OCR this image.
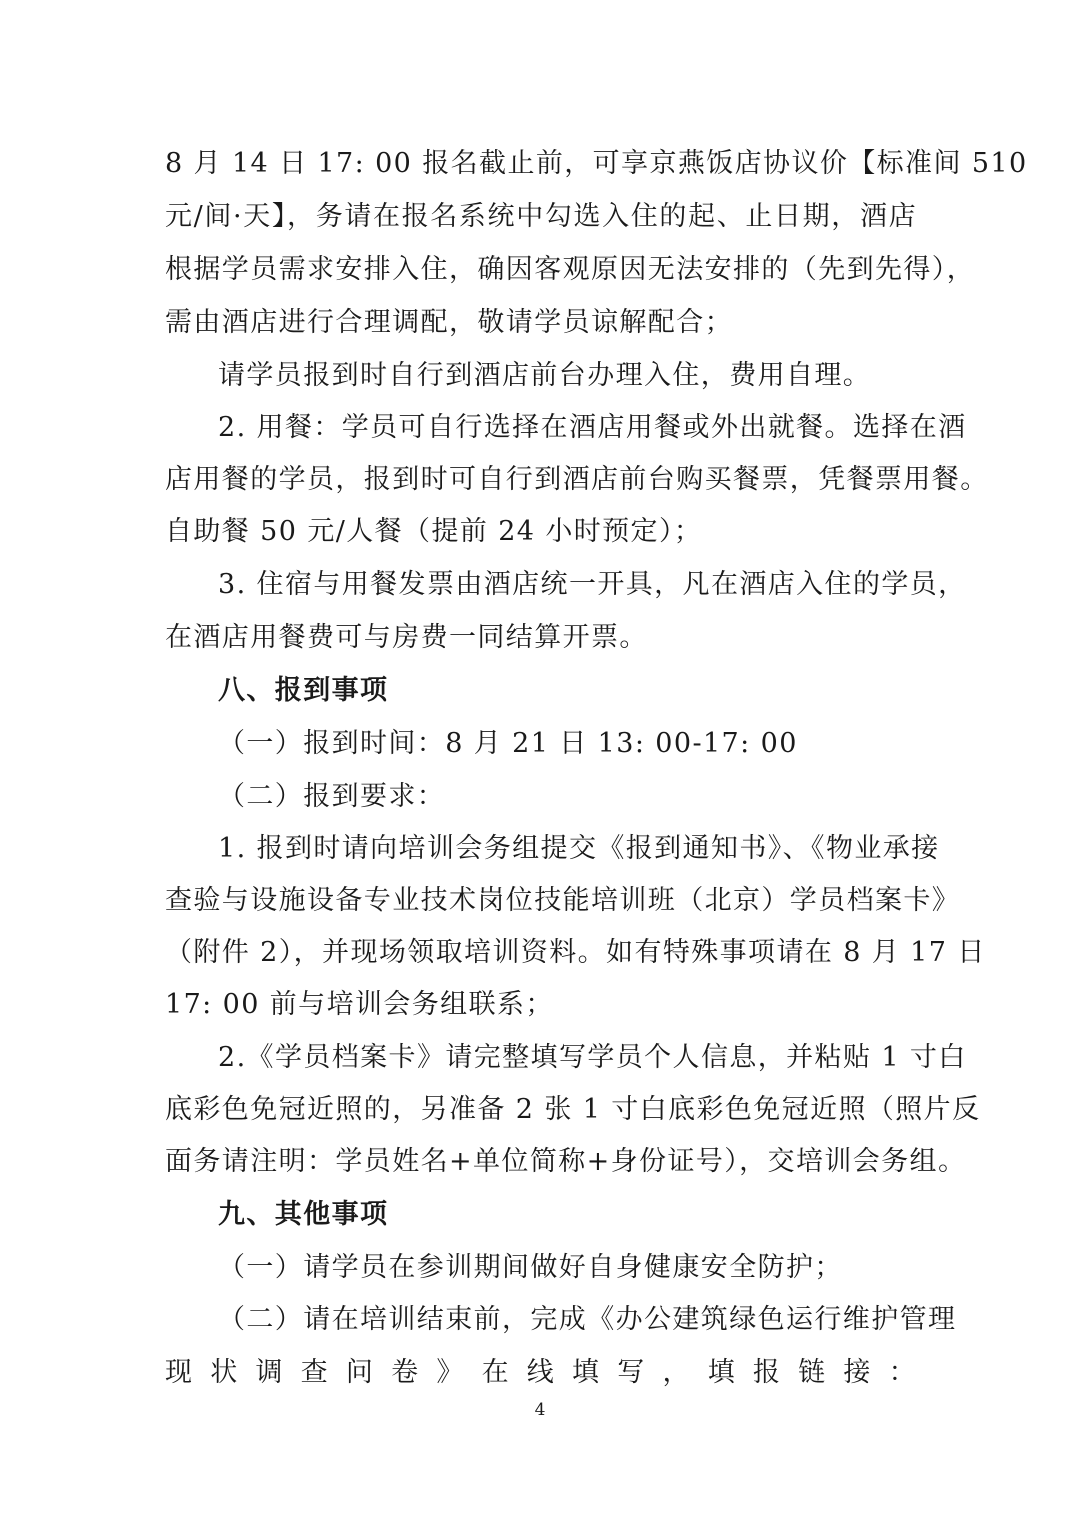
8 月 14 日 17: 00 报名截止前，可享京燕饭店协议价【标准间 510
元/间·天】，务请在报名系统中勾选入住的起、止日期，酒店
根据学员需求安排入住，确因客观原因无法安排的（先到先得），
需由酒店进行合理调配，敬请学员谅解配合；
请学员报到时自行到酒店前台办理入住，费用自理。
2. 用餐：学员可自行选择在酒店用餐或外出就餐。选择在酒
店用餐的学员，报到时可自行到酒店前台购买餐票，凭餐票用餐。
自助餐 50 元/人餐（提前 24 小时预定）；
3. 住宿与用餐发票由酒店统一开具，凡在酒店入住的学员，
在酒店用餐费可与房费一同结算开票。
八、报到事项
（一）报到时间：8 月 21 日 13: 00-17: 00
（二）报到要求：
1. 报到时请向培训会务组提交《报到通知书》、《物业承接
查验与设施设备专业技术岗位技能培训班（北京）学员档案卡》
（附件 2），并现场领取培训资料。如有特殊事项请在 8 月 17 日
17: 00 前与培训会务组联系；
2.《学员档案卡》请完整填写学员个人信息，并粘贴 1 寸白
底彩色免冠近照的，另准备 2 张 1 寸白底彩色免冠近照（照片反
面务请注明：学员姓名+单位简称+身份证号），交培训会务组。
九、其他事项
（一）请学员在参训期间做好自身健康安全防护；
（二）请在培训结束前，完成《办公建筑绿色运行维护管理
现状调查问卷》在线填写，填报链接：
4
